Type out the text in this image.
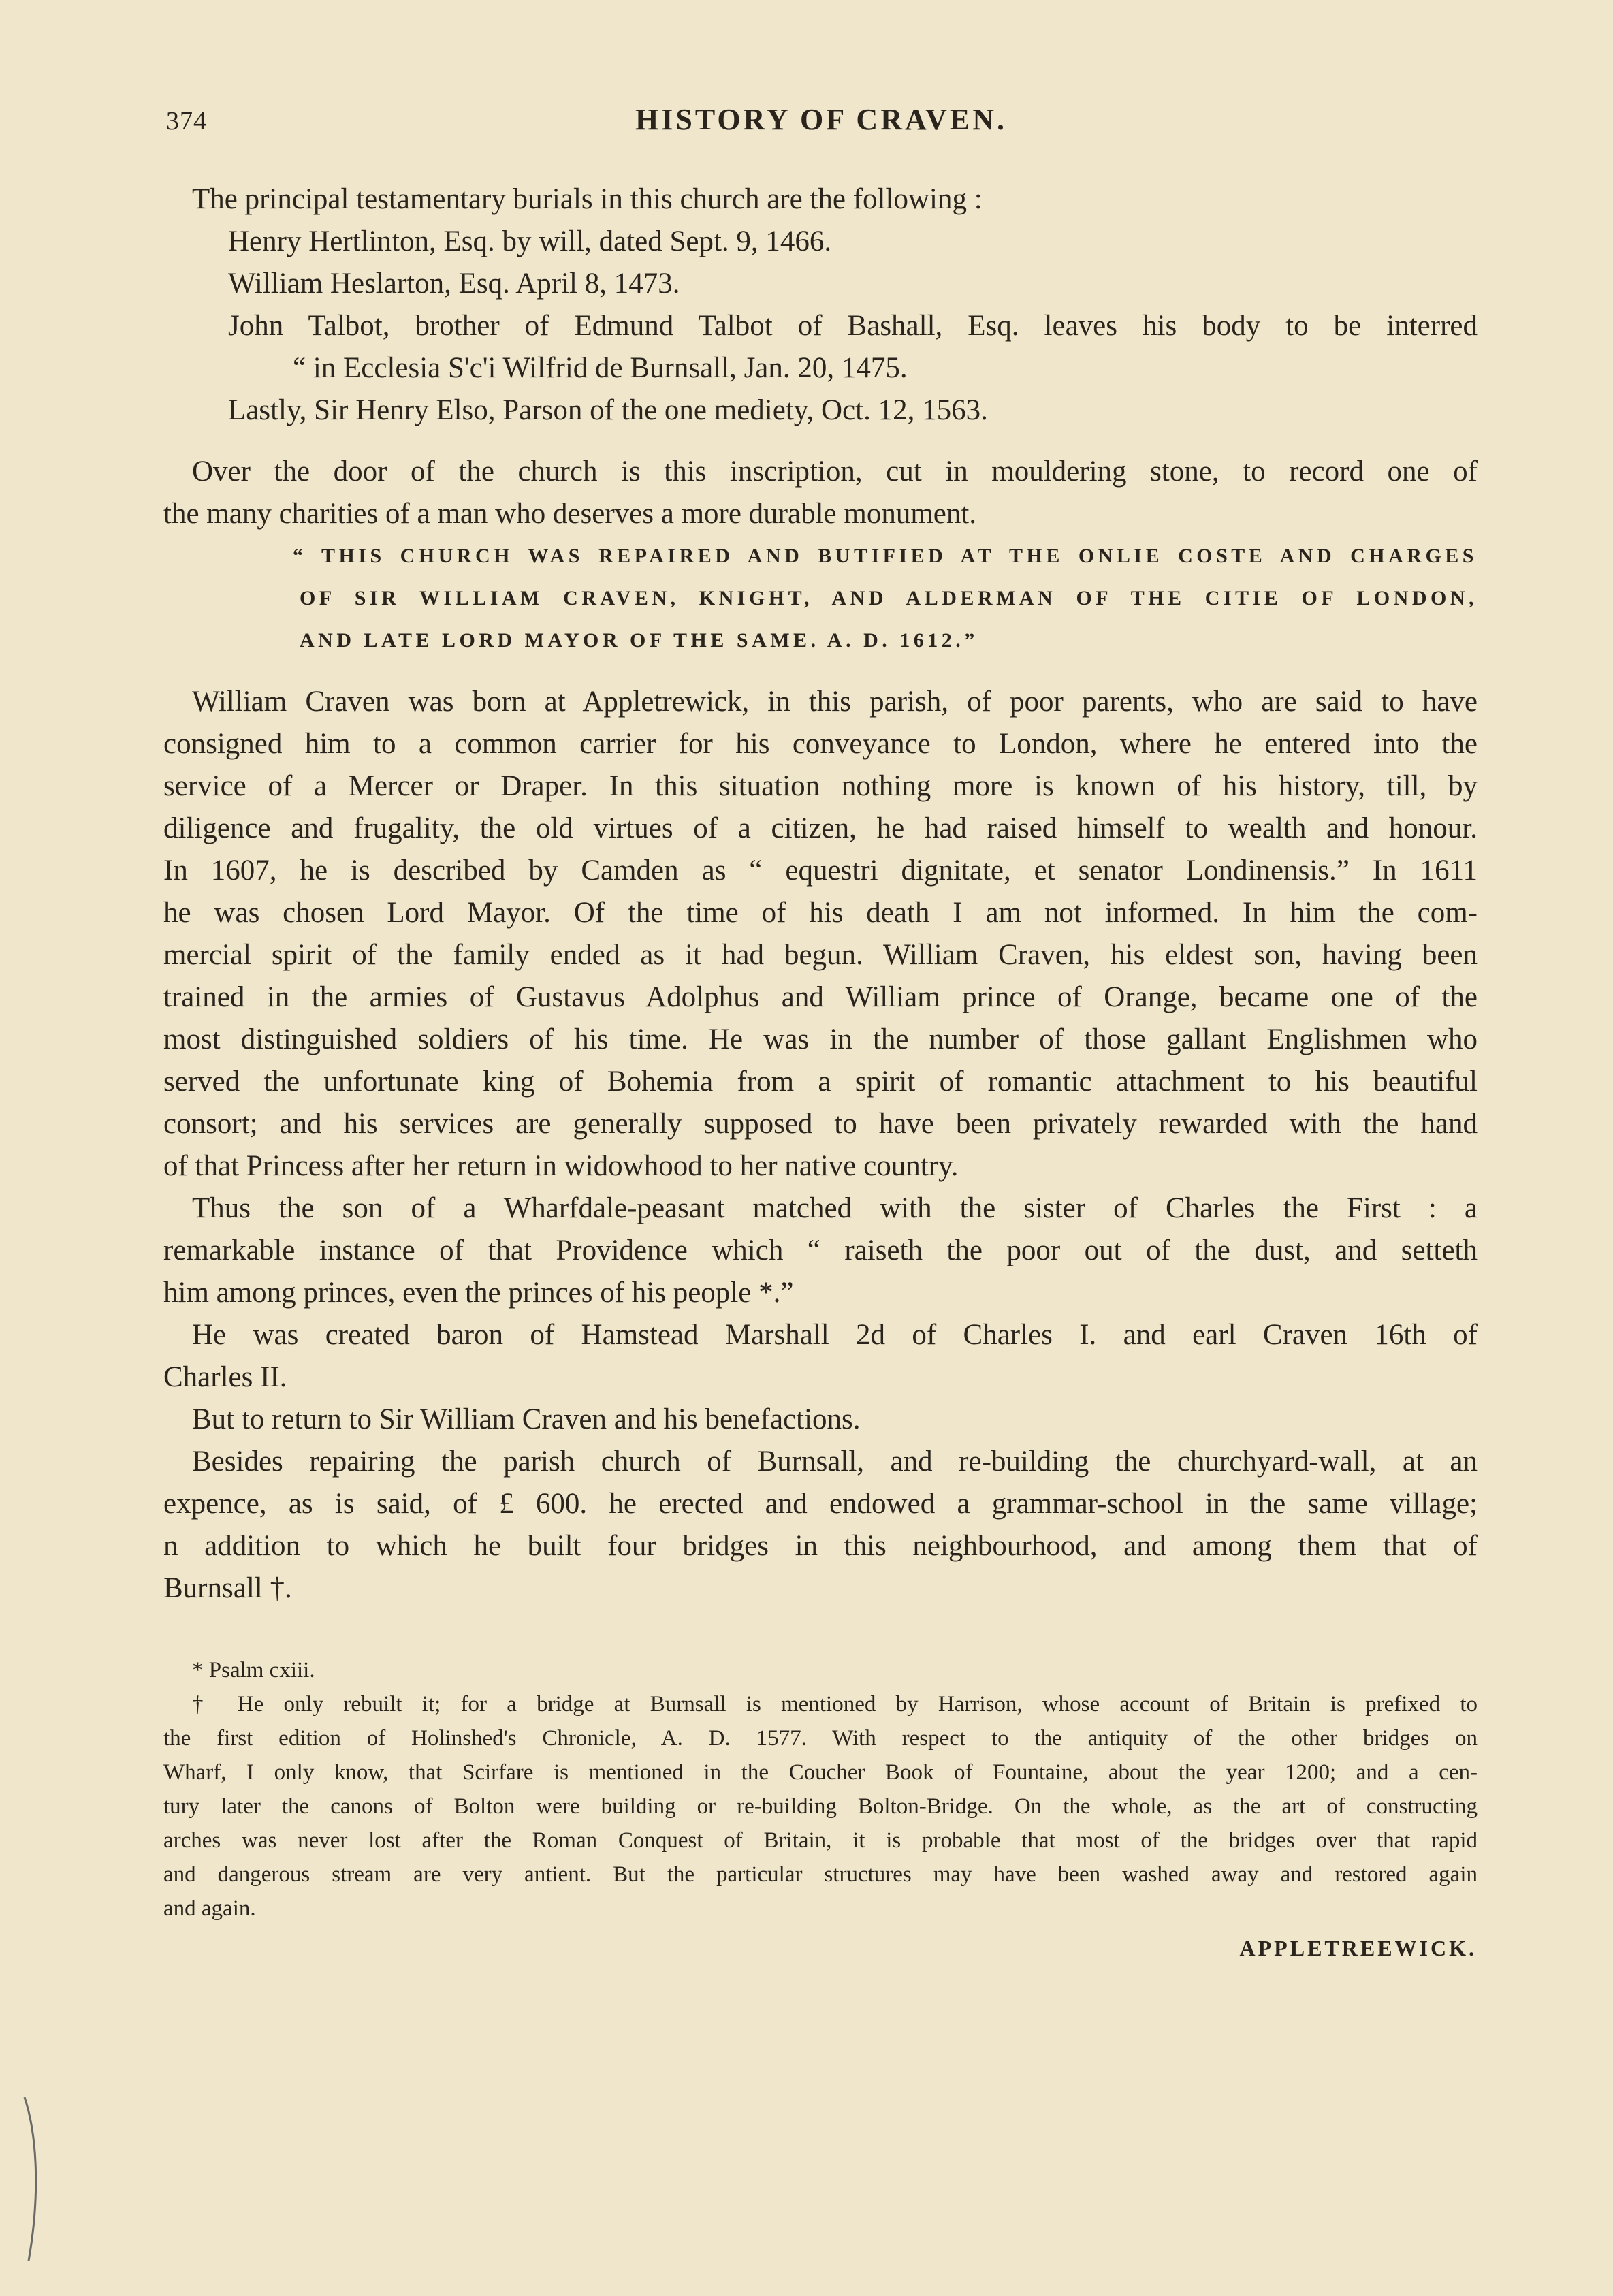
374	HISTORY OF CRAVEN.
The principal testamentary burials in this church are the following :
Henry Hertlinton, Esq. by will, dated Sept. 9, 1466.
William Heslarton, Esq. April 8, 1473.
John Talbot, brother of Edmund Talbot of Bashall, Esq. leaves his body to be interred
“ in Ecclesia S'c'i Wilfrid de Burnsall, Jan. 20, 1475.
Lastly, Sir Henry Elso, Parson of the one mediety, Oct. 12, 1563.
Over the door of the church is this inscription, cut in mouldering stone, to record one of
the many charities of a man who deserves a more durable monument.
“ THIS CHURCH WAS REPAIRED AND BUTIFIED AT THE ONLIE COSTE AND CHARGES
OF SIR WILLIAM CRAVEN, KNIGHT, AND ALDERMAN OF THE CITIE OF LONDON,
AND LATE LORD MAYOR OF THE SAME. A. D. 1612.”
William Craven was born at Appletrewick, in this parish, of poor parents, who are said to have
consigned him to a common carrier for his conveyance to London, where he entered into the
service of a Mercer or Draper. In this situation nothing more is known of his history, till, by
diligence and frugality, the old virtues of a citizen, he had raised himself to wealth and honour.
In 1607, he is described by Camden as “ equestri dignitate, et senator Londinensis.” In 1611
he was chosen Lord Mayor. Of the time of his death I am not informed. In him the com-
mercial spirit of the family ended as it had begun. William Craven, his eldest son, having been
trained in the armies of Gustavus Adolphus and William prince of Orange, became one of the
most distinguished soldiers of his time. He was in the number of those gallant Englishmen who
served the unfortunate king of Bohemia from a spirit of romantic attachment to his beautiful
consort; and his services are generally supposed to have been privately rewarded with the hand
of that Princess after her return in widowhood to her native country.
Thus the son of a Wharfdale-peasant matched with the sister of Charles the First : a
remarkable instance of that Providence which “ raiseth the poor out of the dust, and setteth
him among princes, even the princes of his people *.”
He was created baron of Hamstead Marshall 2d of Charles I. and earl Craven 16th of
Charles II.
But to return to Sir William Craven and his benefactions.
Besides repairing the parish church of Burnsall, and re-building the churchyard-wall, at an
expence, as is said, of £ 600. he erected and endowed a grammar-school in the same village;
n addition to which he built four bridges in this neighbourhood, and among them that of
Burnsall †.
* Psalm cxiii.
† He only rebuilt it; for a bridge at Burnsall is mentioned by Harrison, whose account of Britain is prefixed to
the first edition of Holinshed's Chronicle, A. D. 1577. With respect to the antiquity of the other bridges on
Wharf, I only know, that Scirfare is mentioned in the Coucher Book of Fountaine, about the year 1200; and a cen-
tury later the canons of Bolton were building or re-building Bolton-Bridge. On the whole, as the art of constructing
arches was never lost after the Roman Conquest of Britain, it is probable that most of the bridges over that rapid
and dangerous stream are very antient. But the particular structures may have been washed away and restored again
and again.
APPLETREEWICK.
